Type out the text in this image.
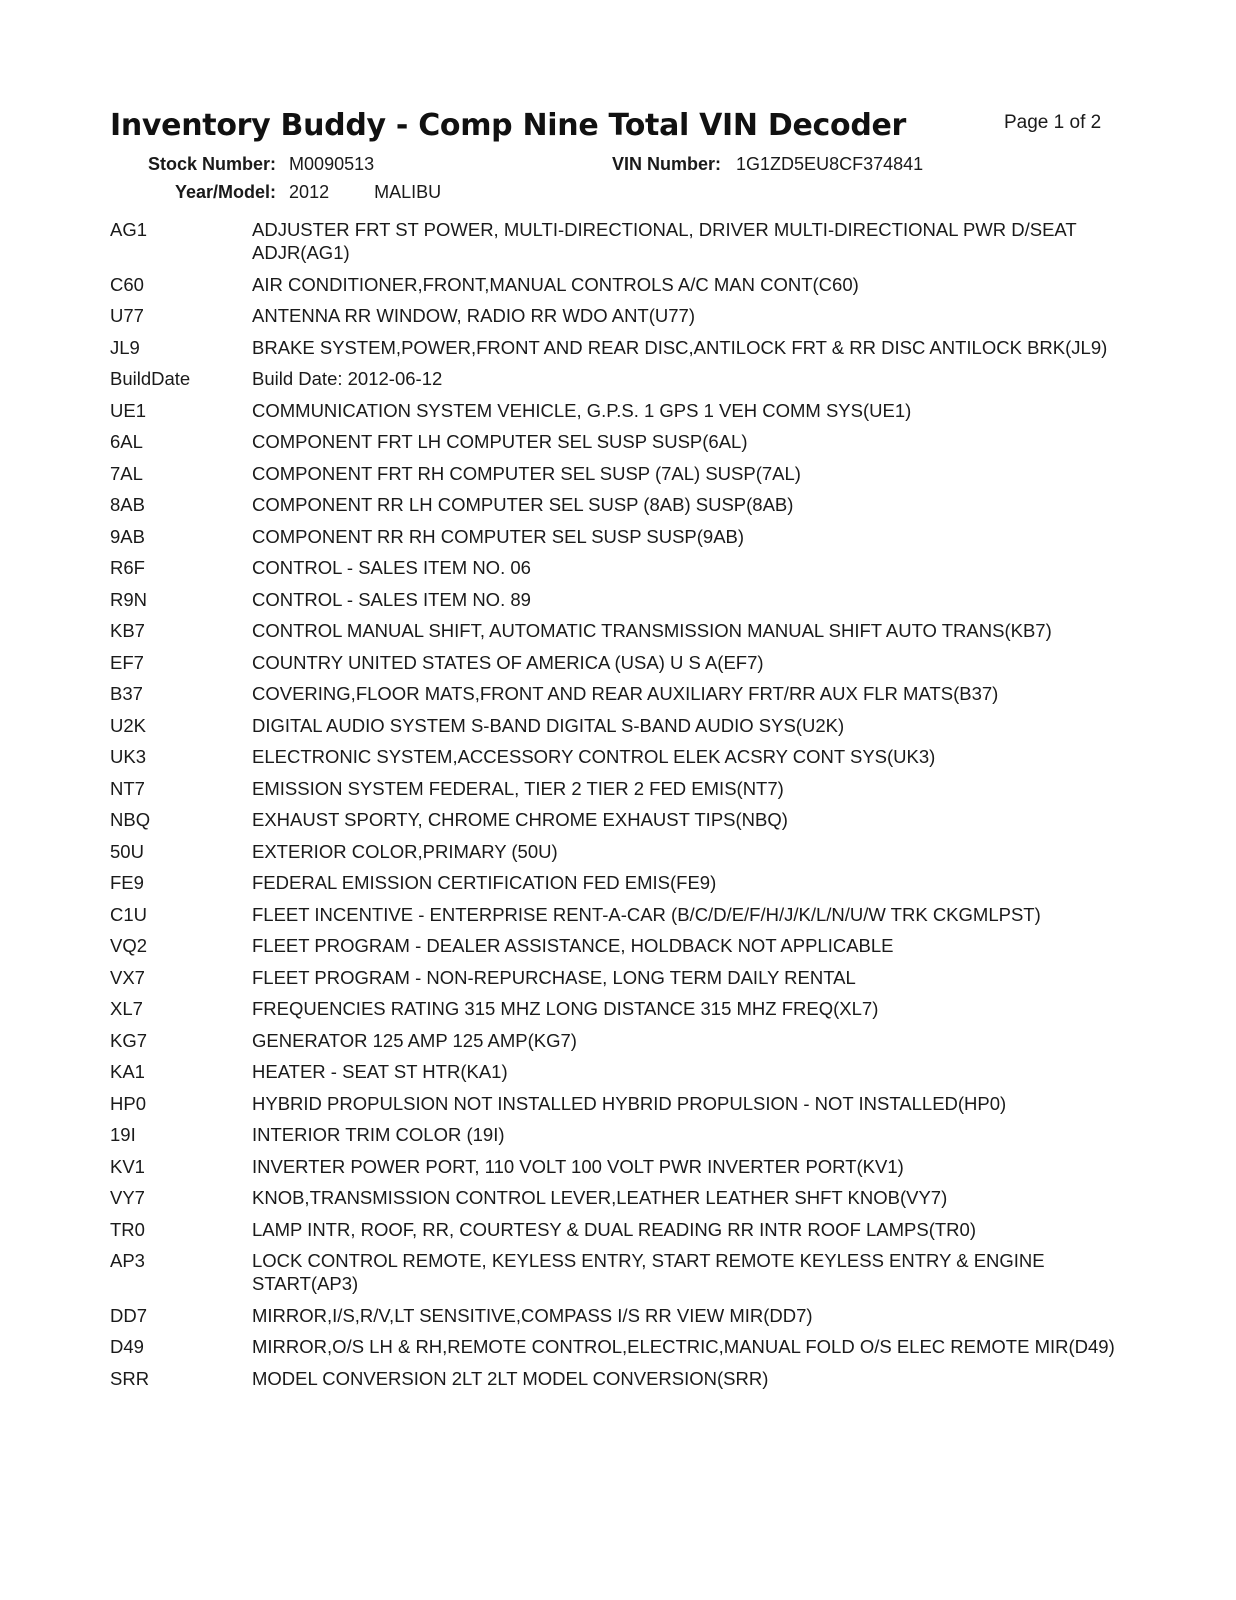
Inventory Buddy - Comp Nine Total VIN Decoder	Page 1 of 2
Stock Number: M0090513	VIN Number: 1G1ZD5EU8CF374841
Year/Model: 2012	MALIBU
AG1	ADJUSTER FRT ST POWER, MULTI-DIRECTIONAL, DRIVER MULTI-DIRECTIONAL PWR D/SEAT ADJR(AG1)
C60	AIR CONDITIONER,FRONT,MANUAL CONTROLS A/C MAN CONT(C60)
U77	ANTENNA RR WINDOW, RADIO RR WDO ANT(U77)
JL9	BRAKE SYSTEM,POWER,FRONT AND REAR DISC,ANTILOCK FRT & RR DISC ANTILOCK BRK(JL9)
BuildDate	Build Date: 2012-06-12
UE1	COMMUNICATION SYSTEM VEHICLE, G.P.S. 1 GPS 1 VEH COMM SYS(UE1)
6AL	COMPONENT FRT LH COMPUTER SEL SUSP SUSP(6AL)
7AL	COMPONENT FRT RH COMPUTER SEL SUSP (7AL) SUSP(7AL)
8AB	COMPONENT RR LH COMPUTER SEL SUSP (8AB) SUSP(8AB)
9AB	COMPONENT RR RH COMPUTER SEL SUSP SUSP(9AB)
R6F	CONTROL - SALES ITEM NO. 06
R9N	CONTROL - SALES ITEM NO. 89
KB7	CONTROL MANUAL SHIFT, AUTOMATIC TRANSMISSION MANUAL SHIFT AUTO TRANS(KB7)
EF7	COUNTRY UNITED STATES OF AMERICA (USA) U S A(EF7)
B37	COVERING,FLOOR MATS,FRONT AND REAR AUXILIARY FRT/RR AUX FLR MATS(B37)
U2K	DIGITAL AUDIO SYSTEM S-BAND DIGITAL S-BAND AUDIO SYS(U2K)
UK3	ELECTRONIC SYSTEM,ACCESSORY CONTROL ELEK ACSRY CONT SYS(UK3)
NT7	EMISSION SYSTEM FEDERAL, TIER 2 TIER 2 FED EMIS(NT7)
NBQ	EXHAUST SPORTY, CHROME CHROME EXHAUST TIPS(NBQ)
50U	EXTERIOR COLOR,PRIMARY (50U)
FE9	FEDERAL EMISSION CERTIFICATION FED EMIS(FE9)
C1U	FLEET INCENTIVE - ENTERPRISE RENT-A-CAR (B/C/D/E/F/H/J/K/L/N/U/W TRK CKGMLPST)
VQ2	FLEET PROGRAM - DEALER ASSISTANCE, HOLDBACK NOT APPLICABLE
VX7	FLEET PROGRAM - NON-REPURCHASE, LONG TERM DAILY RENTAL
XL7	FREQUENCIES RATING 315 MHZ LONG DISTANCE 315 MHZ FREQ(XL7)
KG7	GENERATOR 125 AMP 125 AMP(KG7)
KA1	HEATER - SEAT ST HTR(KA1)
HP0	HYBRID PROPULSION NOT INSTALLED HYBRID PROPULSION - NOT INSTALLED(HP0)
19I	INTERIOR TRIM COLOR (19I)
KV1	INVERTER POWER PORT, 110 VOLT 100 VOLT PWR INVERTER PORT(KV1)
VY7	KNOB,TRANSMISSION CONTROL LEVER,LEATHER LEATHER SHFT KNOB(VY7)
TR0	LAMP INTR, ROOF, RR, COURTESY & DUAL READING RR INTR ROOF LAMPS(TR0)
AP3	LOCK CONTROL REMOTE, KEYLESS ENTRY, START REMOTE KEYLESS ENTRY & ENGINE START(AP3)
DD7	MIRROR,I/S,R/V,LT SENSITIVE,COMPASS I/S RR VIEW MIR(DD7)
D49	MIRROR,O/S LH & RH,REMOTE CONTROL,ELECTRIC,MANUAL FOLD O/S ELEC REMOTE MIR(D49)
SRR	MODEL CONVERSION 2LT 2LT MODEL CONVERSION(SRR)
